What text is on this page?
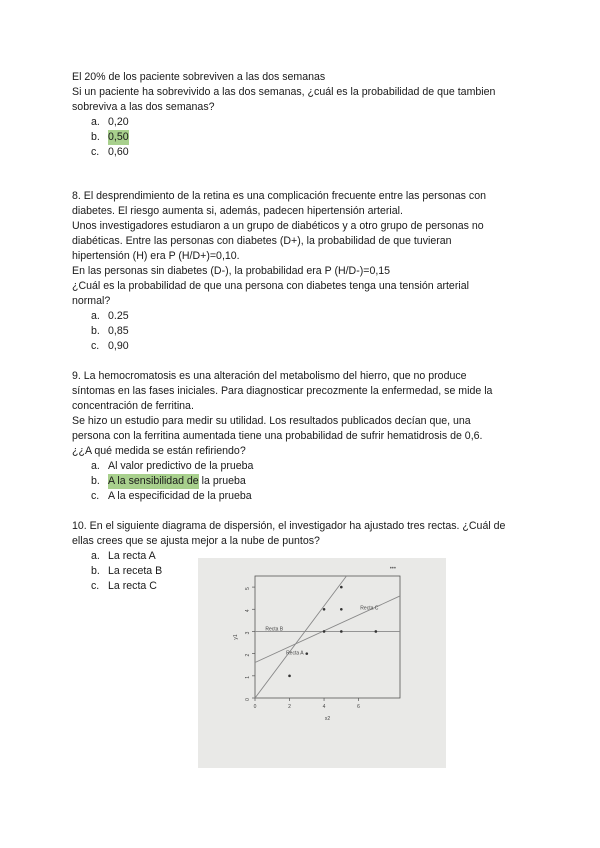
El 20% de los paciente sobreviven a las dos semanas

Si un paciente ha sobrevivido a las dos semanas, ¿cuál es la probabilidad de que tambien

sobreviva a las dos semanas?

a. 0,20
b. 0,50
c. 0,60

8. El desprendimiento de la retina es una complicación frecuente entre las personas con

diabetes. El riesgo aumenta si, además, padecen hipertensión arterial.

Unos investigadores estudiaron a un grupo de diabéticos y a otro grupo de personas no

diabéticas. Entre las personas con diabetes (D+), la probabilidad de que tuvieran

hipertensión (H) era P (H/D+)=0,10.

En las personas sin diabetes (D-), la probabilidad era P (H/D-)=0,15

¿Cuál es la probabilidad de que una persona con diabetes tenga una tensión arterial

normal?

a. 0.25
b. 0,85
c. 0,90

9. La hemocromatosis es una alteración del metabolismo del hierro, que no produce

síntomas en las fases iniciales. Para diagnosticar precozmente la enfermedad, se mide la

concentración de ferritina.

Se hizo un estudio para medir su utilidad. Los resultados publicados decían que, una

persona con la ferritina aumentada tiene una probabilidad de sufrir hematidrosis de 0,6.

¿¿A qué medida se están refiriendo?

a. Al valor predictivo de la prueba
b. A la sensibilidad de la prueba
c. A la especificidad de la prueba

10. En el siguiente diagrama de dispersión, el investigador ha ajustado tres rectas. ¿Cuál de

ellas crees que se ajusta mejor a la nube de puntos?

a. La recta A
b. La receta B
c. La recta C
0	2	4	6
0
1
2
3
4
5
x2
y1
Recta B
Recta C
Recta A
•••
